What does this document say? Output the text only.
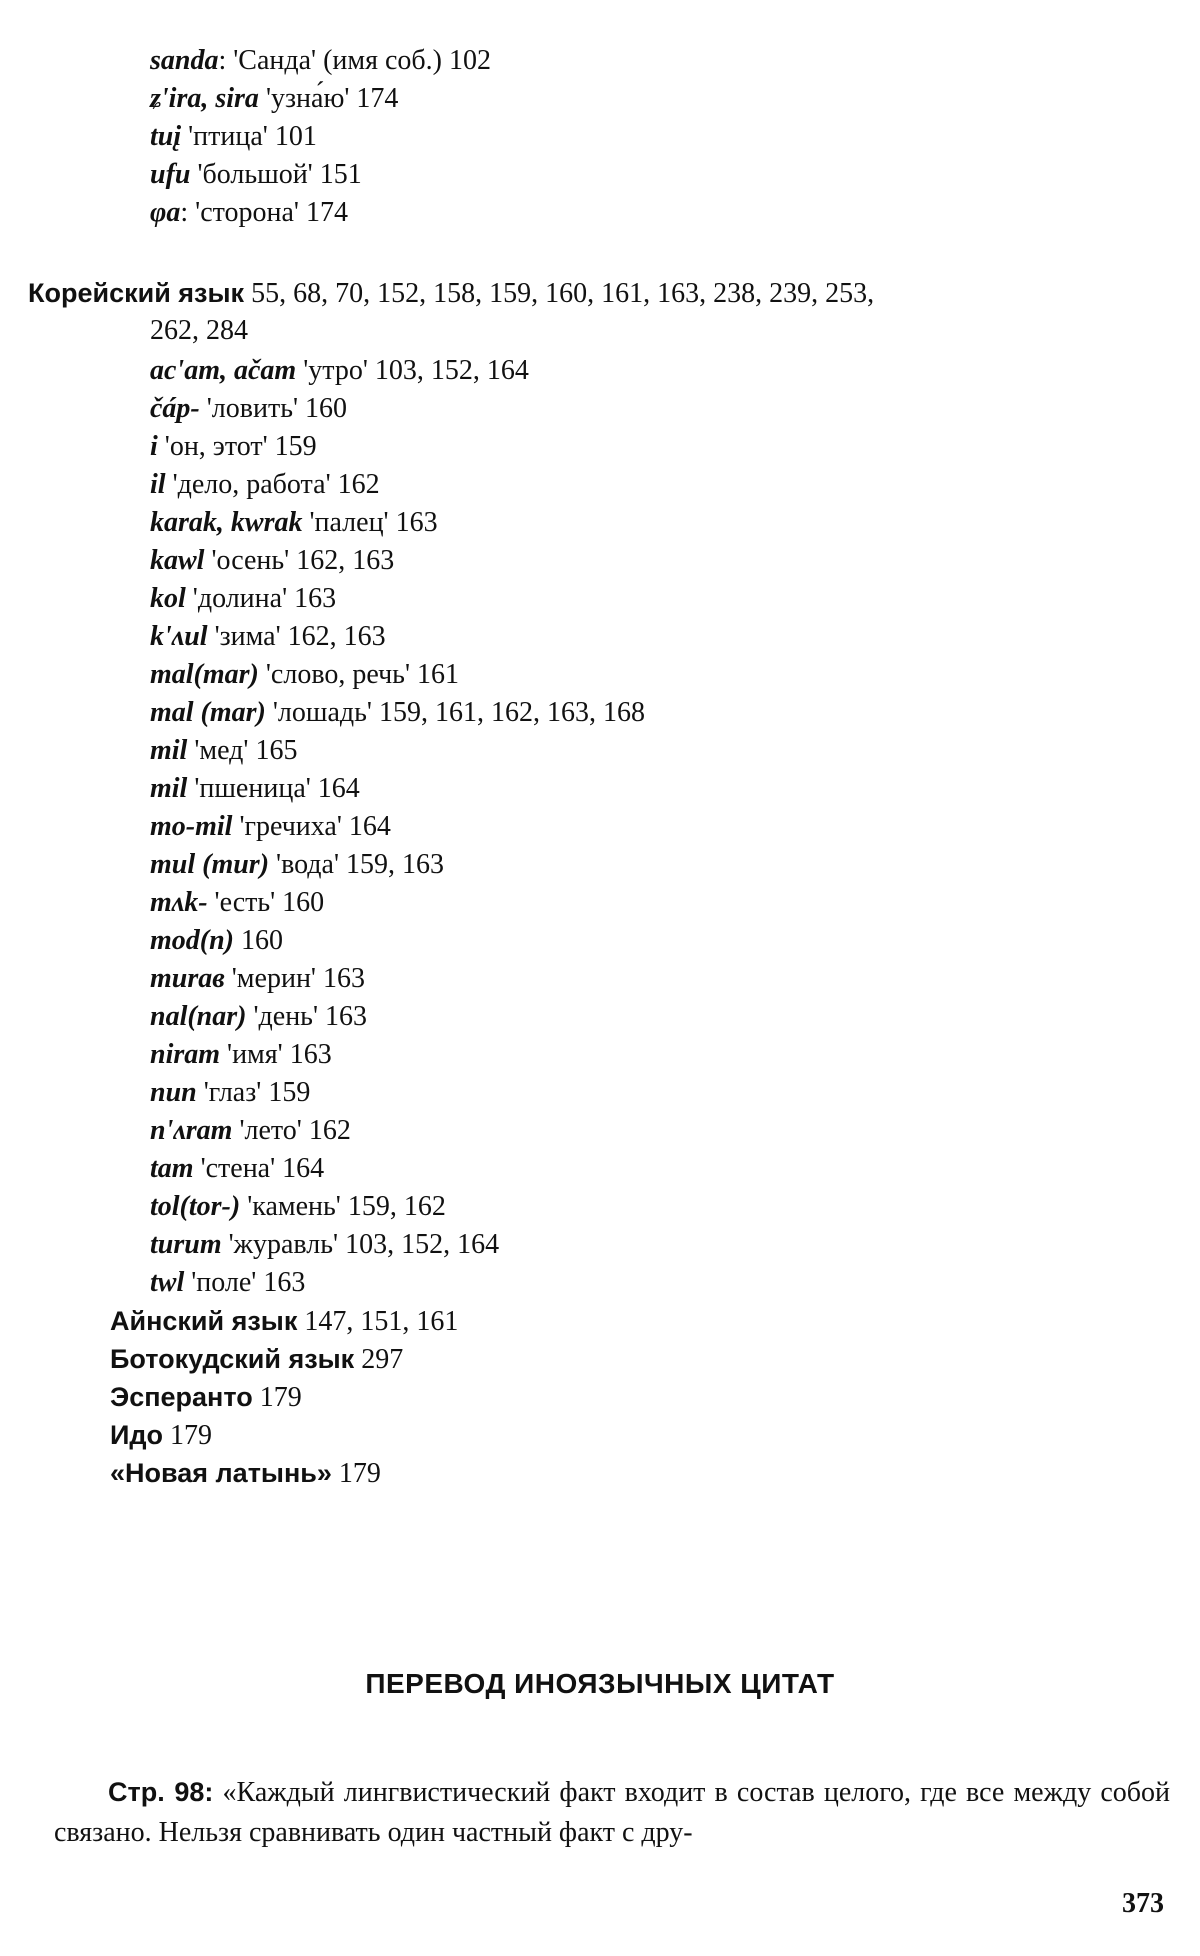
sanda: 'Санда' (имя соб.) 102
ʑ'ira, sira 'узна́ю' 174
tuį 'птица' 101
ufu 'большой' 151
φa: 'сторона' 174
Корейский язык 55, 68, 70, 152, 158, 159, 160, 161, 163, 238, 239, 253,
262, 284
ac'am, ačam 'утро' 103, 152, 164
čáp- 'ловить' 160
i 'он, этот' 159
il 'дело, работа' 162
karak, kwrak 'палец' 163
kawl 'осень' 162, 163
kol 'долина' 163
k'ʌul 'зима' 162, 163
mal(mar) 'слово, речь' 161
mal (mar) 'лошадь' 159, 161, 162, 163, 168
mil 'мед' 165
mil 'пшеница' 164
mo-mil 'гречиха' 164
mul (mur) 'вода' 159, 163
mʌk- 'есть' 160
mod(n) 160
muraв 'мерин' 163
nal(nar) 'день' 163
niram 'имя' 163
nun 'глаз' 159
n'ʌram 'лето' 162
tam 'стена' 164
tol(tor-) 'камень' 159, 162
turum 'журавль' 103, 152, 164
twl 'поле' 163
Айнский язык 147, 151, 161
Ботокудский язык 297
Эсперанто 179
Идо 179
«Новая латынь» 179
ПЕРЕВОД ИНОЯЗЫЧНЫХ ЦИТАТ
Стр. 98: «Каждый лингвистический факт входит в состав целого, где все между собой связано. Нельзя сравнивать один частный факт с дру-
373
